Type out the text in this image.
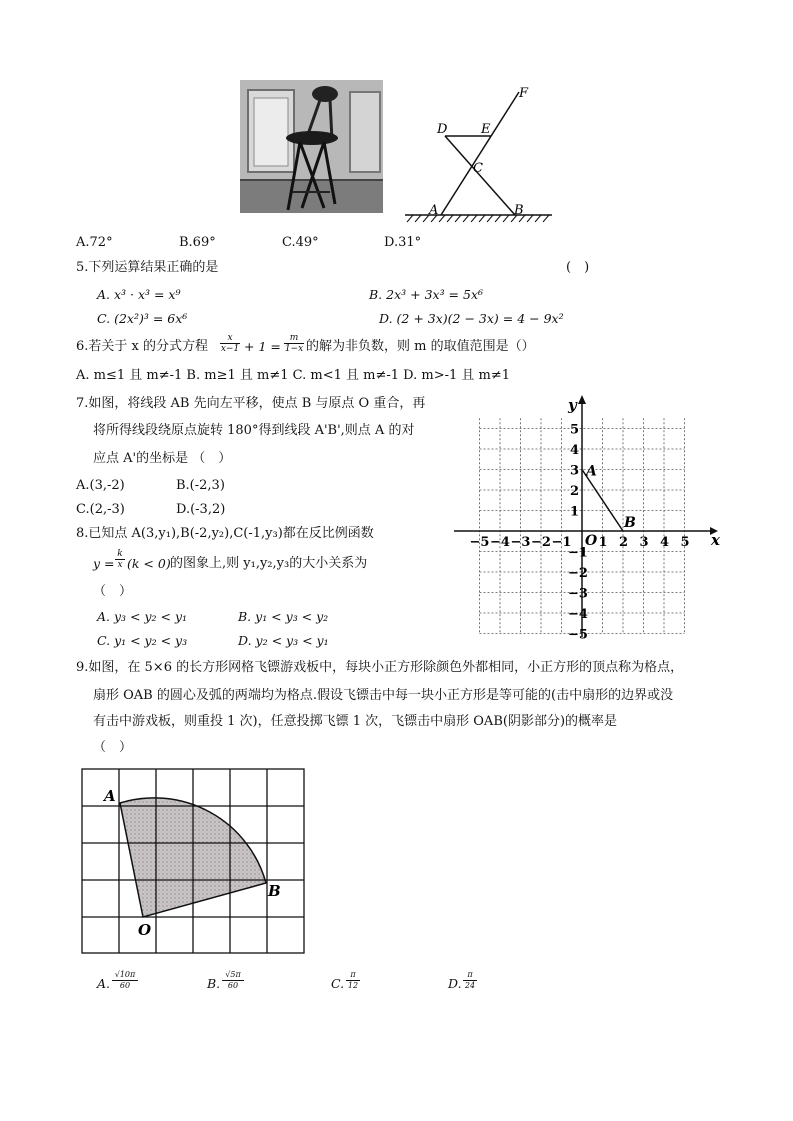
D	E
F
C
A	B
A.72°	B.69°	C.49°	D.31°
5.下列运算结果正确的是	(　)
A. x³ · x³ = x⁹	B. 2x³ + 3x³ = 5x⁶
C. (2x²)³ = 6x⁶	D. (2 + 3x)(2 − 3x) = 4 − 9x²
6.若关于 x 的分式方程 $\frac{x}{x-1} + 1 = \frac{m}{1-x}$ 的解为非负数，则 m 的取值范围是（）
A. m≤1 且 m≠-1 B. m≥1 且 m≠1 C. m<1 且 m≠-1 D. m>-1 且 m≠1
7.如图，将线段 AB 先向左平移，使点 B 与原点 O 重合，再
将所得线段绕原点旋转 180°得到线段 A'B',则点 A 的对
应点 A'的坐标是 （　）
A.(3,-2)	B.(-2,3)
C.(2,-3)	D.(-3,2)
−5 −4 −3 −2 −1 1 2 3 4 5
5
4
3
2
1
−1
−2
−3
−4
−5
x
y
O
A
B
8.已知点 A(3,y₁),B(-2,y₂),C(-1,y₃)都在反比例函数
$y = \frac{k}{x} (k < 0)$ 的图象上,则 y₁,y₂,y₃的大小关系为
（　）
A. y₃ < y₂ < y₁	B. y₁ < y₃ < y₂
C. y₁ < y₂ < y₃	D. y₂ < y₃ < y₁
9.如图，在 5×6 的长方形网格飞镖游戏板中，每块小正方形除颜色外都相同，小正方形的顶点称为格点，
扇形 OAB 的圆心及弧的两端均为格点.假设飞镖击中每一块小正方形是等可能的(击中扇形的边界或没
有击中游戏板，则重投 1 次)，任意投掷飞镖 1 次，飞镖击中扇形 OAB(阴影部分)的概率是
（　）
A
B
O
A. $\frac{√10\pi}{60}$	B. $\frac{√5\pi}{60}$	C. $\frac{\pi}{12}$	D. $\frac{\pi}{24}$
